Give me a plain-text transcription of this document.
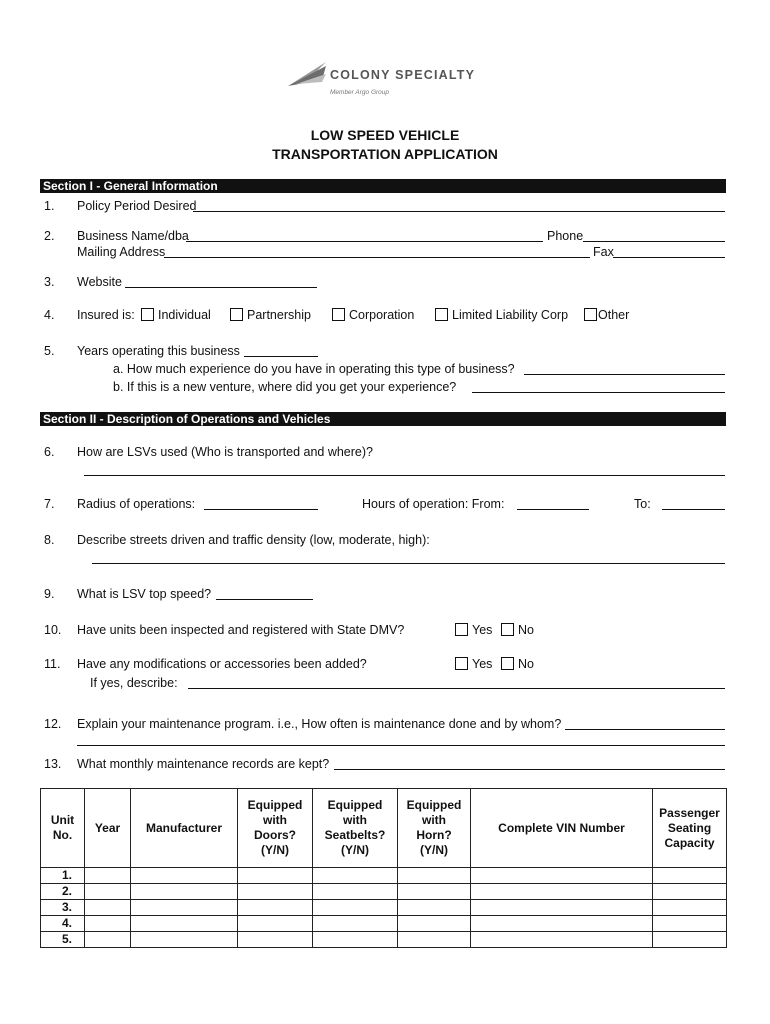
COLONY SPECIALTY
Member Argo Group
LOW SPEED VEHICLE
TRANSPORTATION APPLICATION
Section I - General Information
1. Policy Period Desired
2. Business Name/dba	Phone
Mailing Address	Fax
3. Website
4. Insured is:	Individual	Partnership	Corporation	Limited Liability Corp	Other
5. Years operating this business
a. How much experience do you have in operating this type of business?
b. If this is a new venture, where did you get your experience?
Section II - Description of Operations and Vehicles
6. How are LSVs used (Who is transported and where)?
7. Radius of operations:	Hours of operation: From:	To:
8. Describe streets driven and traffic density (low, moderate, high):
9. What is LSV top speed?
10. Have units been inspected and registered with State DMV?	Yes	No
11. Have any modifications or accessories been added?	Yes	No
If yes, describe:
12. Explain your maintenance program. i.e., How often is maintenance done and by whom?
13. What monthly maintenance records are kept?
Unit
No.	Year	Manufacturer	Equipped
with
Doors?
(Y/N)	Equipped
with
Seatbelts?
(Y/N)	Equipped
with
Horn?
(Y/N)	Complete VIN Number	Passenger
Seating
Capacity

1.							
2.							
3.							
4.							
5.							
